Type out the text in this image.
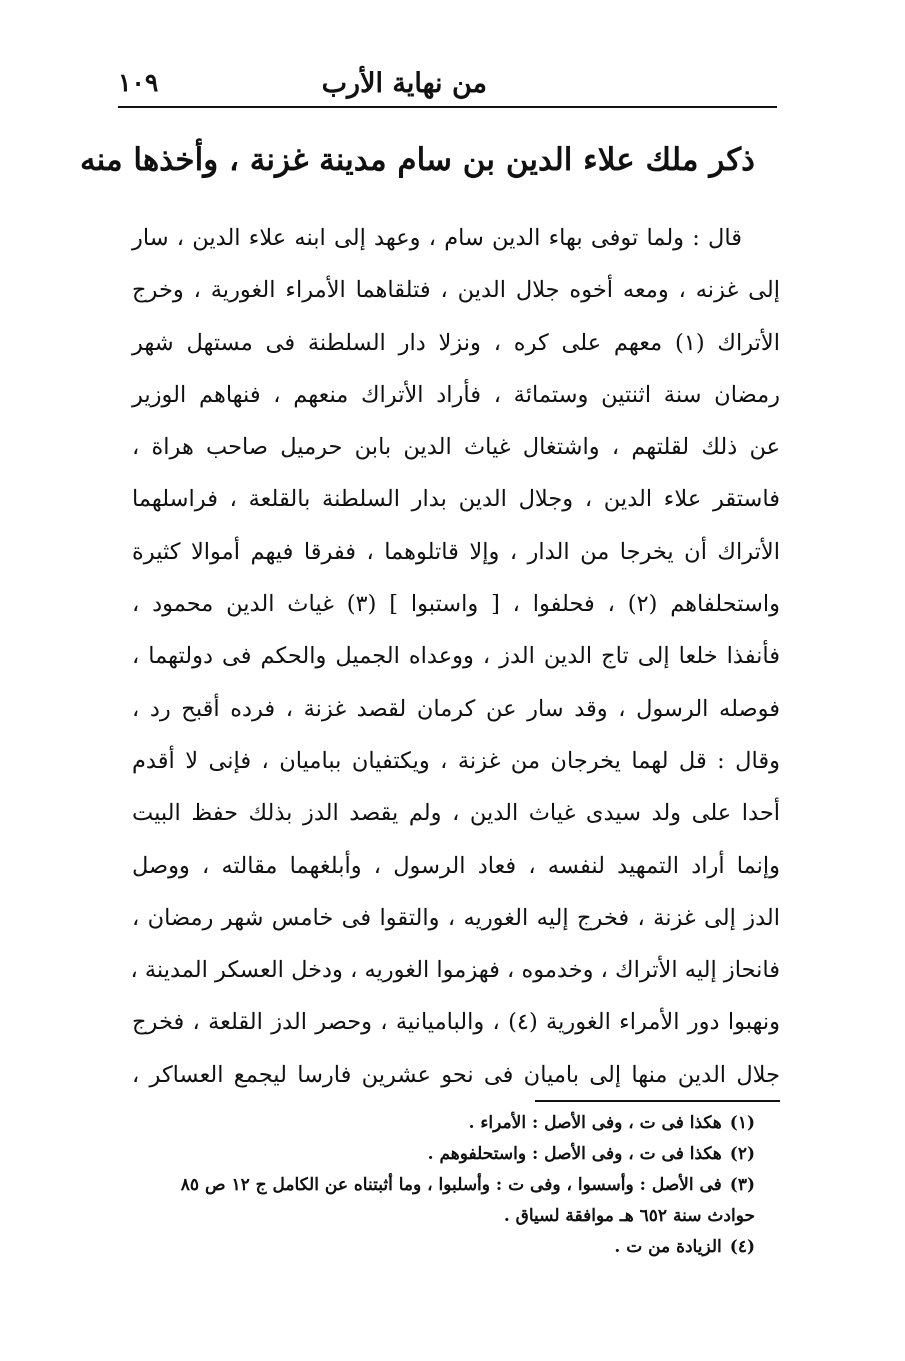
من نهاية الأرب
١٠٩
ذكر ملك علاء الدين بن سام مدينة غزنة ، وأخذها منه
قال : ولما توفى بهاء الدين سام ، وعهد إلى ابنه علاء الدين ، سار
إلى غزنه ، ومعه أخوه جلال الدين ، فتلقاهما الأمراء الغورية ، وخرج
الأتراك (١) معهم على كره ، ونزلا دار السلطنة فى مستهل شهر
رمضان سنة اثنتين وستمائة ، فأراد الأتراك منعهم ، فنهاهم الوزير
عن ذلك لقلتهم ، واشتغال غياث الدين بابن حرميل صاحب هراة ،
فاستقر علاء الدين ، وجلال الدين بدار السلطنة بالقلعة ، فراسلهما
الأتراك أن يخرجا من الدار ، وإلا قاتلوهما ، ففرقا فيهم أموالا كثيرة
واستحلفاهم (٢) ، فحلفوا ، [ واستبوا ] (٣) غياث الدين محمود ،
فأنفذا خلعا إلى تاج الدين الدز ، ووعداه الجميل والحكم فى دولتهما ،
فوصله الرسول ، وقد سار عن كرمان لقصد غزنة ، فرده أقبح رد ،
وقال : قل لهما يخرجان من غزنة ، ويكتفيان بباميان ، فإنى لا أقدم
أحدا على ولد سيدى غياث الدين ، ولم يقصد الدز بذلك حفظ البيت
وإنما أراد التمهيد لنفسه ، فعاد الرسول ، وأبلغهما مقالته ، ووصل
الدز إلى غزنة ، فخرج إليه الغوريه ، والتقوا فى خامس شهر رمضان ،
فانحاز إليه الأتراك ، وخدموه ، فهزموا الغوريه ، ودخل العسكر المدينة ،
ونهبوا دور الأمراء الغورية (٤) ، والباميانية ، وحصر الدز القلعة ، فخرج
جلال الدين منها إلى باميان فى نحو عشرين فارسا ليجمع العساكر ،
(١)هكذا فى ت ، وفى الأصل : الأمراء .
(٢)هكذا فى ت ، وفى الأصل : واستحلفوهم .
(٣)فى الأصل : وأسسوا ، وفى ت : وأسلبوا ، وما أثبتناه عن الكامل ج ١٢ ص ٨٥
حوادث سنة ٦٥٢ هـ موافقة لسياق .
(٤)الزيادة من ت .
